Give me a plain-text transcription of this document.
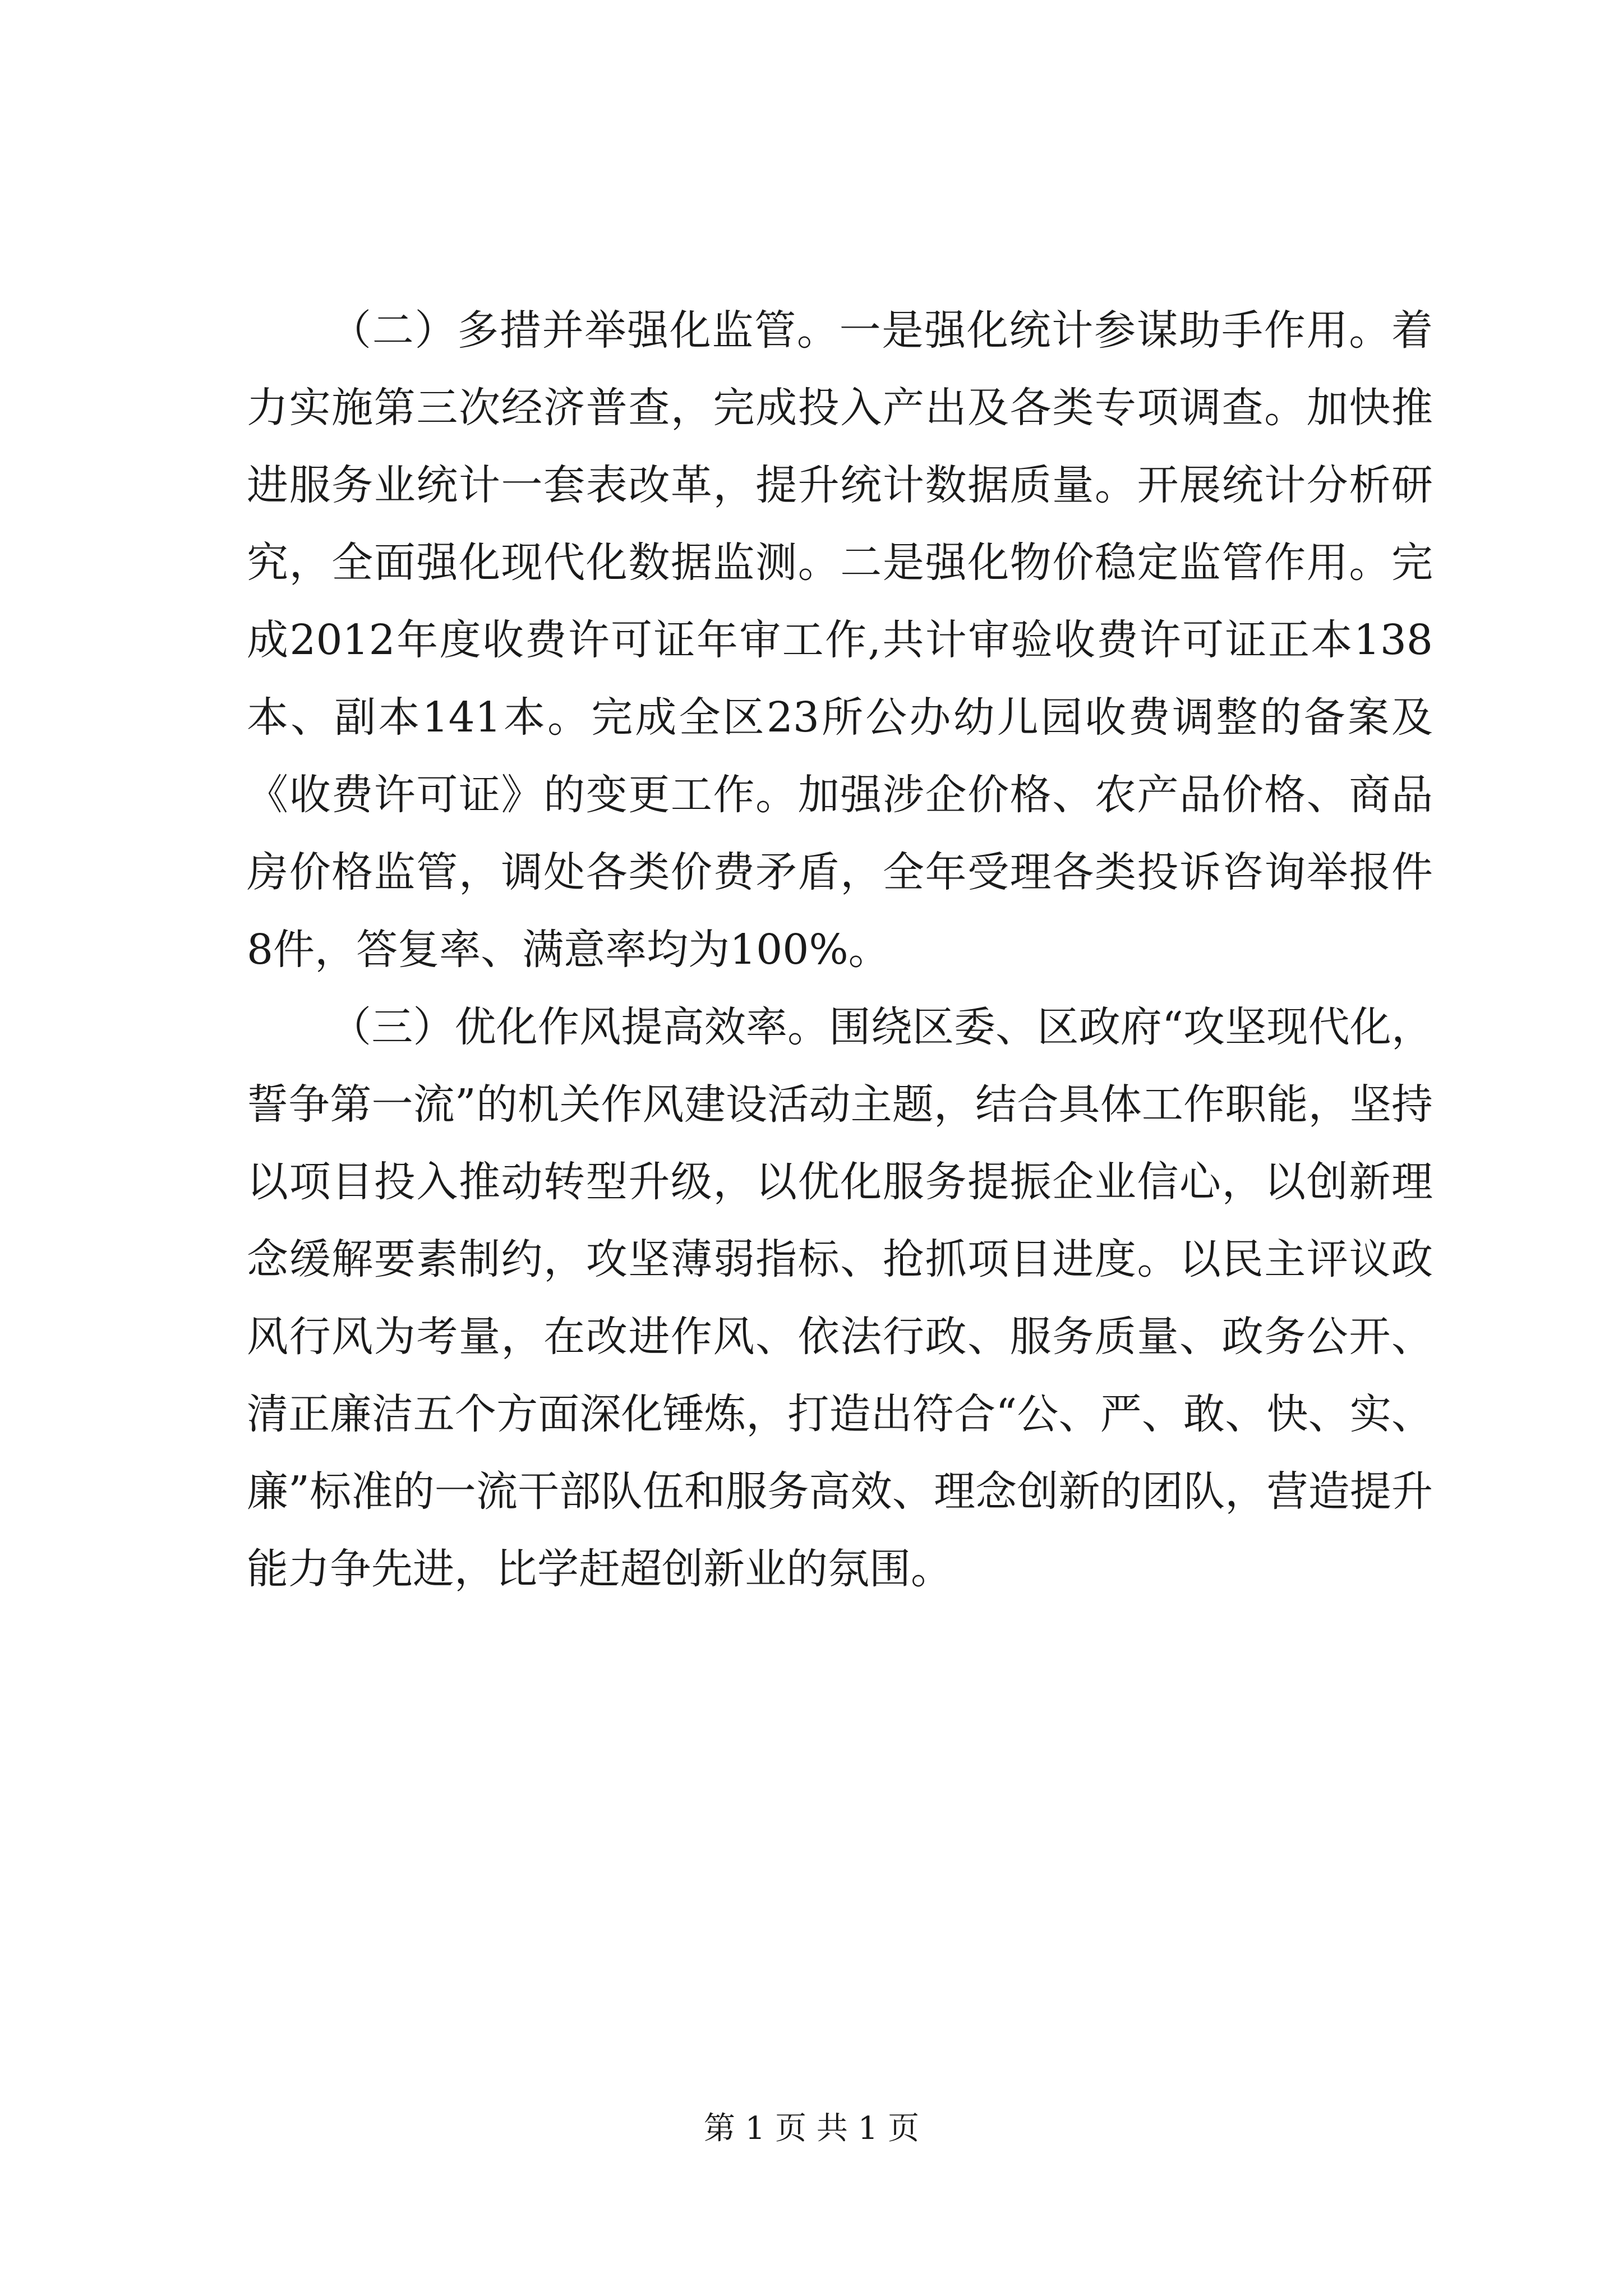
（二）多措并举强化监管。一是强化统计参谋助手作用。着力实施第三次经济普查，完成投入产出及各类专项调查。加快推进服务业统计一套表改革，提升统计数据质量。开展统计分析研究，全面强化现代化数据监测。二是强化物价稳定监管作用。完成2012年度收费许可证年审工作,共计审验收费许可证正本138本、副本141本。完成全区23所公办幼儿园收费调整的备案及《收费许可证》的变更工作。加强涉企价格、农产品价格、商品房价格监管，调处各类价费矛盾，全年受理各类投诉咨询举报件8件，答复率、满意率均为100%。

（三）优化作风提高效率。围绕区委、区政府“攻坚现代化，誓争第一流”的机关作风建设活动主题，结合具体工作职能，坚持以项目投入推动转型升级，以优化服务提振企业信心，以创新理念缓解要素制约，攻坚薄弱指标、抢抓项目进度。以民主评议政风行风为考量，在改进作风、依法行政、服务质量、政务公开、清正廉洁五个方面深化锤炼，打造出符合“公、严、敢、快、实、廉”标准的一流干部队伍和服务高效、理念创新的团队，营造提升能力争先进，比学赶超创新业的氛围。

第 1 页 共 1 页
